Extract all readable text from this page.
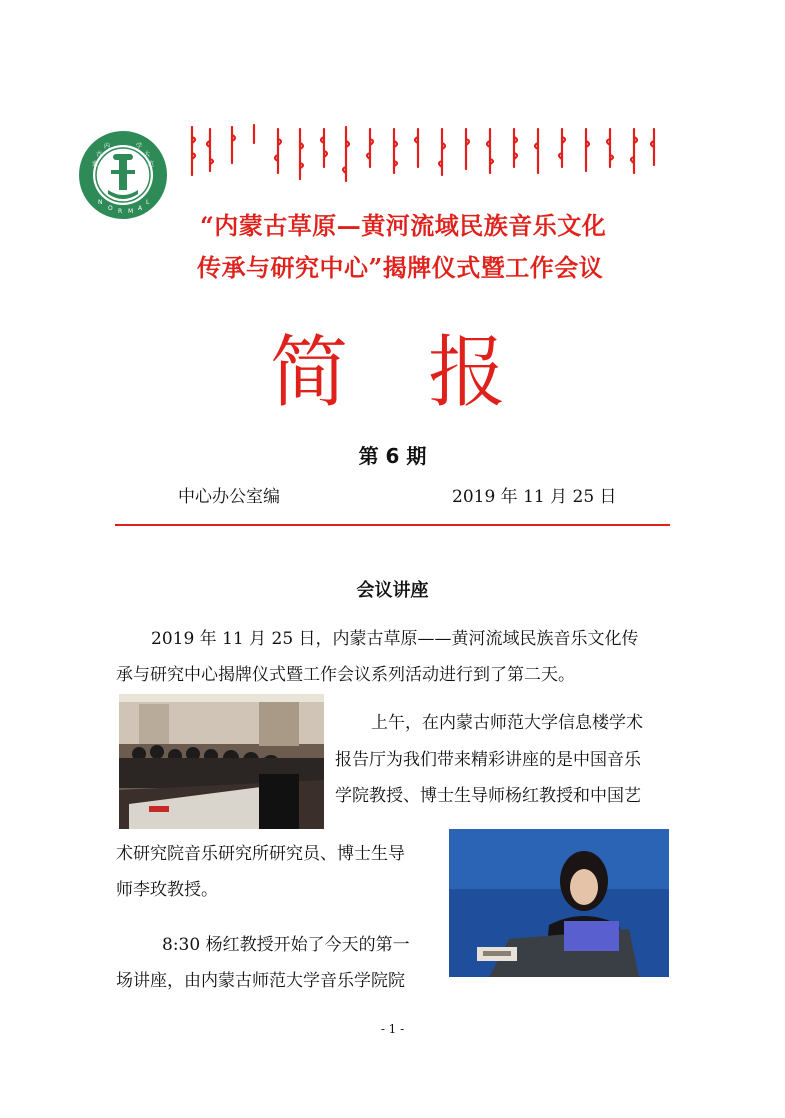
蒙
古
内	学
大
范
N
O R M A
L
“内蒙古草原—黄河流域民族音乐文化
传承与研究中心”揭牌仪式暨工作会议
简 报
第 6 期
中心办公室编	2019 年 11 月 25 日
会议讲座
2019 年 11 月 25 日，内蒙古草原——黄河流域民族音乐文化传
承与研究中心揭牌仪式暨工作会议系列活动进行到了第二天。
上午，在内蒙古师范大学信息楼学术
报告厅为我们带来精彩讲座的是中国音乐
学院教授、博士生导师杨红教授和中国艺
术研究院音乐研究所研究员、博士生导
师李玫教授。
8:30 杨红教授开始了今天的第一
场讲座，由内蒙古师范大学音乐学院院
- 1 -
